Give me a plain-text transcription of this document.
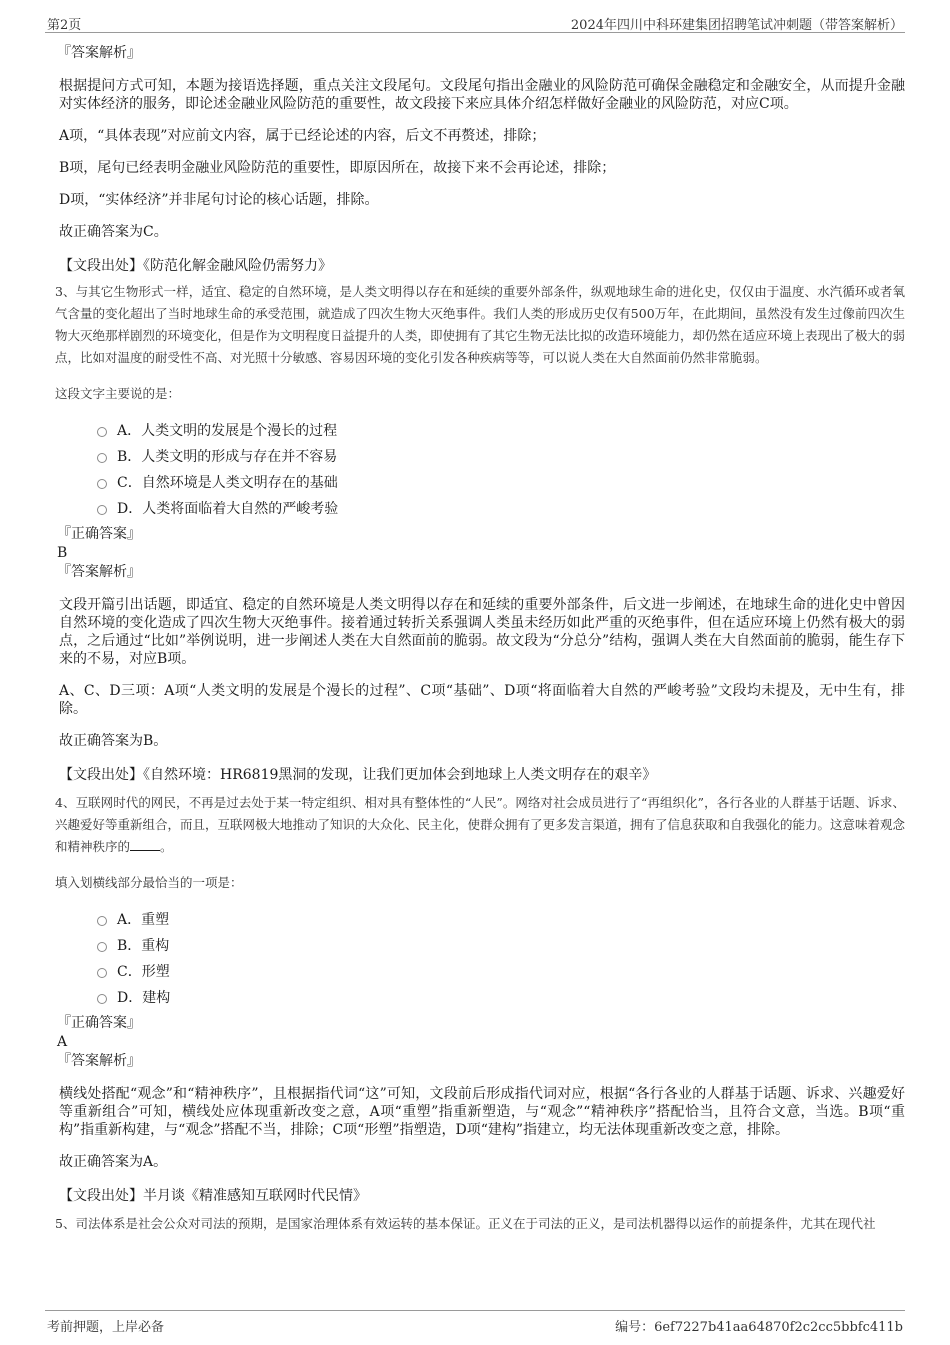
第2页	2024年四川中科环建集团招聘笔试冲刺题（带答案解析）
『答案解析』
根据提问方式可知，本题为接语选择题，重点关注文段尾句。文段尾句指出金融业的风险防范可确保金融稳定和金融安全，从而提升金融对实体经济的服务，即论述金融业风险防范的重要性，故文段接下来应具体介绍怎样做好金融业的风险防范，对应C项。
A项，“具体表现”对应前文内容，属于已经论述的内容，后文不再赘述，排除；
B项，尾句已经表明金融业风险防范的重要性，即原因所在，故接下来不会再论述，排除；
D项，“实体经济”并非尾句讨论的核心话题，排除。
故正确答案为C。
【文段出处】《防范化解金融风险仍需努力》
3、与其它生物形式一样，适宜、稳定的自然环境，是人类文明得以存在和延续的重要外部条件，纵观地球生命的进化史，仅仅由于温度、水汽循环或者氧气含量的变化超出了当时地球生命的承受范围，就造成了四次生物大灭绝事件。我们人类的形成历史仅有500万年，在此期间，虽然没有发生过像前四次生物大灭绝那样剧烈的环境变化，但是作为文明程度日益提升的人类，即使拥有了其它生物无法比拟的改造环境能力，却仍然在适应环境上表现出了极大的弱点，比如对温度的耐受性不高、对光照十分敏感、容易因环境的变化引发各种疾病等等，可以说人类在大自然面前仍然非常脆弱。
这段文字主要说的是：
A．人类文明的发展是个漫长的过程
B．人类文明的形成与存在并不容易
C．自然环境是人类文明存在的基础
D．人类将面临着大自然的严峻考验
『正确答案』
B
『答案解析』
文段开篇引出话题，即适宜、稳定的自然环境是人类文明得以存在和延续的重要外部条件，后文进一步阐述，在地球生命的进化史中曾因自然环境的变化造成了四次生物大灭绝事件。接着通过转折关系强调人类虽未经历如此严重的灭绝事件，但在适应环境上仍然有极大的弱点，之后通过“比如”举例说明，进一步阐述人类在大自然面前的脆弱。故文段为“分总分”结构，强调人类在大自然面前的脆弱，能生存下来的不易，对应B项。
A、C、D三项：A项“人类文明的发展是个漫长的过程”、C项“基础”、D项“将面临着大自然的严峻考验”文段均未提及，无中生有，排除。
故正确答案为B。
【文段出处】《自然环境：HR6819黑洞的发现，让我们更加体会到地球上人类文明存在的艰辛》
4、互联网时代的网民，不再是过去处于某一特定组织、相对具有整体性的“人民”。网络对社会成员进行了“再组织化”，各行各业的人群基于话题、诉求、兴趣爱好等重新组合，而且，互联网极大地推动了知识的大众化、民主化，使群众拥有了更多发言渠道，拥有了信息获取和自我强化的能力。这意味着观念和精神秩序的 。
填入划横线部分最恰当的一项是：
A．重塑
B．重构
C．形塑
D．建构
『正确答案』
A
『答案解析』
横线处搭配“观念”和“精神秩序”，且根据指代词“这”可知，文段前后形成指代词对应，根据“各行各业的人群基于话题、诉求、兴趣爱好等重新组合”可知，横线处应体现重新改变之意，A项“重塑”指重新塑造，与“观念”“精神秩序”搭配恰当，且符合文意，当选。B项“重构”指重新构建，与“观念”搭配不当，排除；C项“形塑”指塑造，D项“建构”指建立，均无法体现重新改变之意，排除。
故正确答案为A。
【文段出处】半月谈《精准感知互联网时代民情》
5、司法体系是社会公众对司法的预期，是国家治理体系有效运转的基本保证。正义在于司法的正义，是司法机器得以运作的前提条件，尤其在现代社
考前押题，上岸必备	编号：6ef7227b41aa64870f2c2cc5bbfc411b
